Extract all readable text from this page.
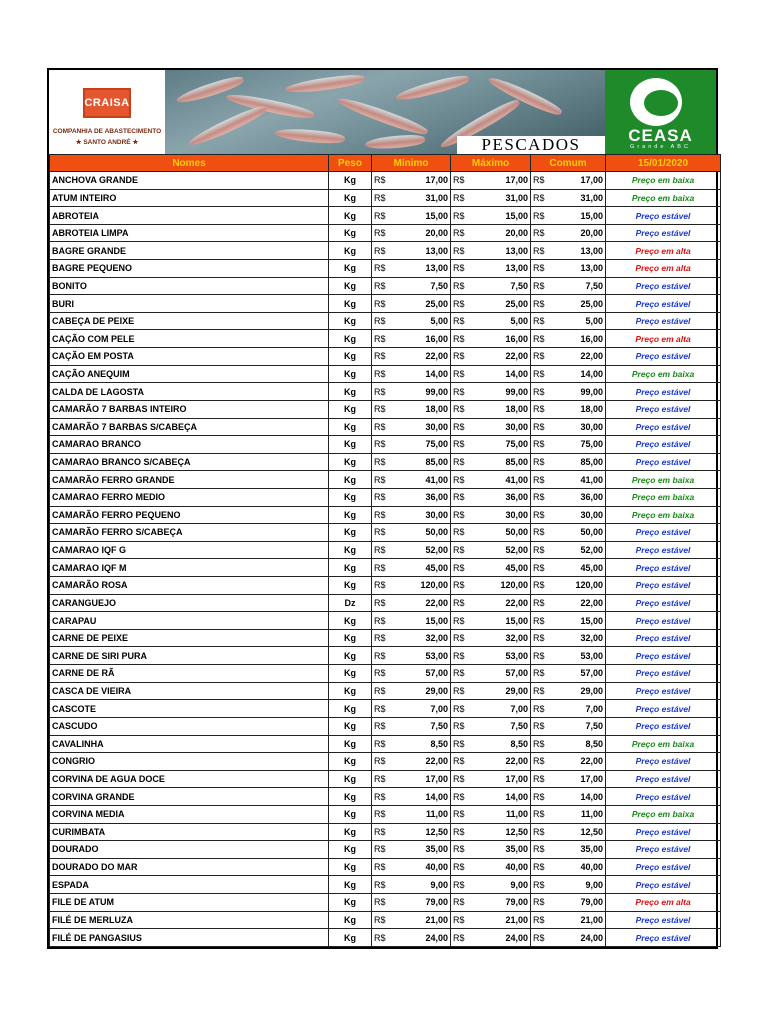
CRAISA
COMPANHIA DE ABASTECIMENTO
★ SANTO ANDRÉ ★	PESCADOS	CEASA
Grande ABC
Nomes	Peso	Mínimo		Máximo		Comum		15/01/2020
ANCHOVA GRANDE	Kg	R$	17,00	R$	17,00	R$	17,00	Preço em baixa
ATUM INTEIRO	Kg	R$	31,00	R$	31,00	R$	31,00	Preço em baixa
ABROTEIA	Kg	R$	15,00	R$	15,00	R$	15,00	Preço estável
ABROTEIA LIMPA	Kg	R$	20,00	R$	20,00	R$	20,00	Preço estável
BAGRE GRANDE	Kg	R$	13,00	R$	13,00	R$	13,00	Preço em alta
BAGRE PEQUENO	Kg	R$	13,00	R$	13,00	R$	13,00	Preço em alta
BONITO	Kg	R$	7,50	R$	7,50	R$	7,50	Preço estável
BURI	Kg	R$	25,00	R$	25,00	R$	25,00	Preço estável
CABEÇA DE PEIXE	Kg	R$	5,00	R$	5,00	R$	5,00	Preço estável
CAÇÃO COM PELE	Kg	R$	16,00	R$	16,00	R$	16,00	Preço em alta
CAÇÃO EM POSTA	Kg	R$	22,00	R$	22,00	R$	22,00	Preço estável
CAÇÃO ANEQUIM	Kg	R$	14,00	R$	14,00	R$	14,00	Preço em baixa
CALDA DE LAGOSTA	Kg	R$	99,00	R$	99,00	R$	99,00	Preço estável
CAMARÃO 7 BARBAS INTEIRO	Kg	R$	18,00	R$	18,00	R$	18,00	Preço estável
CAMARÃO 7 BARBAS S/CABEÇA	Kg	R$	30,00	R$	30,00	R$	30,00	Preço estável
CAMARAO BRANCO	Kg	R$	75,00	R$	75,00	R$	75,00	Preço estável
CAMARAO BRANCO S/CABEÇA	Kg	R$	85,00	R$	85,00	R$	85,00	Preço estável
CAMARÃO FERRO GRANDE	Kg	R$	41,00	R$	41,00	R$	41,00	Preço em baixa
CAMARAO FERRO MEDIO	Kg	R$	36,00	R$	36,00	R$	36,00	Preço em baixa
CAMARÃO FERRO PEQUENO	Kg	R$	30,00	R$	30,00	R$	30,00	Preço em baixa
CAMARÃO FERRO S/CABEÇA	Kg	R$	50,00	R$	50,00	R$	50,00	Preço estável
CAMARAO IQF G	Kg	R$	52,00	R$	52,00	R$	52,00	Preço estável
CAMARAO IQF M	Kg	R$	45,00	R$	45,00	R$	45,00	Preço estável
CAMARÃO ROSA	Kg	R$	120,00	R$	120,00	R$	120,00	Preço estável
CARANGUEJO	Dz	R$	22,00	R$	22,00	R$	22,00	Preço estável
CARAPAU	Kg	R$	15,00	R$	15,00	R$	15,00	Preço estável
CARNE DE PEIXE	Kg	R$	32,00	R$	32,00	R$	32,00	Preço estável
CARNE DE SIRI PURA	Kg	R$	53,00	R$	53,00	R$	53,00	Preço estável
CARNE DE RÃ	Kg	R$	57,00	R$	57,00	R$	57,00	Preço estável
CASCA DE VIEIRA	Kg	R$	29,00	R$	29,00	R$	29,00	Preço estável
CASCOTE	Kg	R$	7,00	R$	7,00	R$	7,00	Preço estável
CASCUDO	Kg	R$	7,50	R$	7,50	R$	7,50	Preço estável
CAVALINHA	Kg	R$	8,50	R$	8,50	R$	8,50	Preço em baixa
CONGRIO	Kg	R$	22,00	R$	22,00	R$	22,00	Preço estável
CORVINA DE AGUA DOCE	Kg	R$	17,00	R$	17,00	R$	17,00	Preço estável
CORVINA GRANDE	Kg	R$	14,00	R$	14,00	R$	14,00	Preço estável
CORVINA MEDIA	Kg	R$	11,00	R$	11,00	R$	11,00	Preço em baixa
CURIMBATA	Kg	R$	12,50	R$	12,50	R$	12,50	Preço estável
DOURADO	Kg	R$	35,00	R$	35,00	R$	35,00	Preço estável
DOURADO DO MAR	Kg	R$	40,00	R$	40,00	R$	40,00	Preço estável
ESPADA	Kg	R$	9,00	R$	9,00	R$	9,00	Preço estável
FILE DE ATUM	Kg	R$	79,00	R$	79,00	R$	79,00	Preço em alta
FILÉ DE MERLUZA	Kg	R$	21,00	R$	21,00	R$	21,00	Preço estável
FILÉ DE PANGASIUS	Kg	R$	24,00	R$	24,00	R$	24,00	Preço estável
